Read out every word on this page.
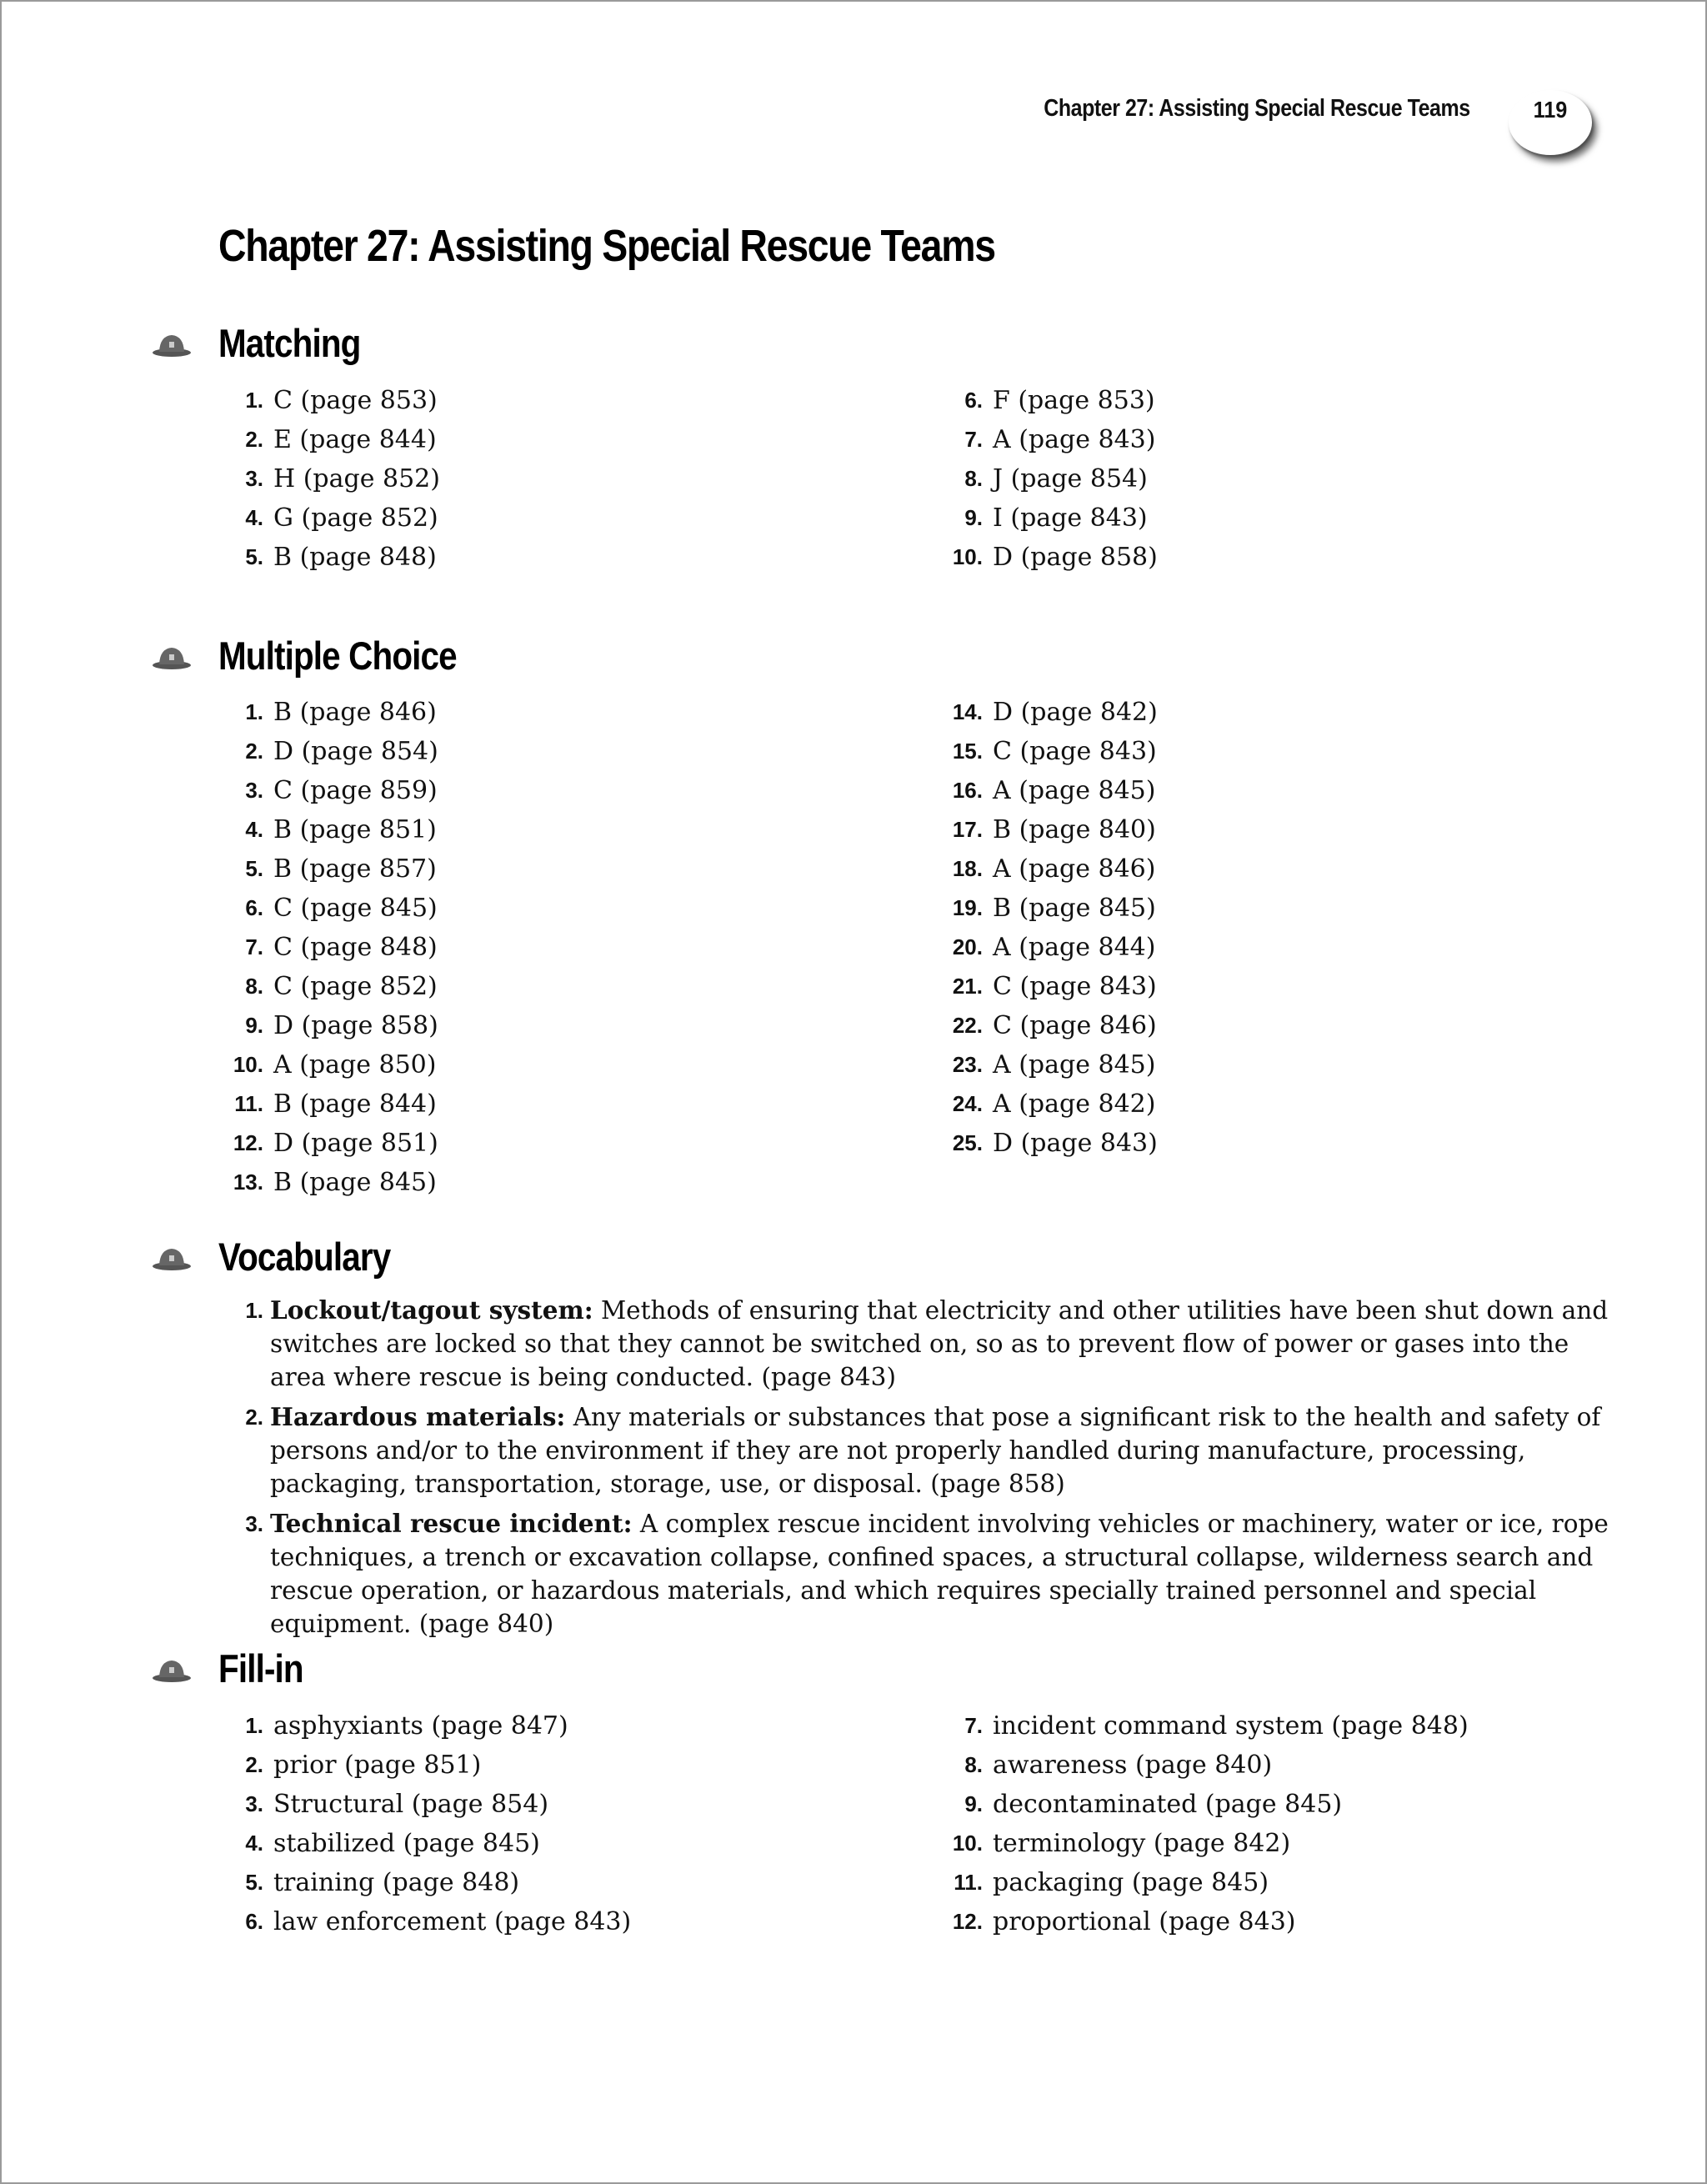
Chapter 27: Assisting Special Rescue Teams	119
Chapter 27: Assisting Special Rescue Teams
Matching
1. C (page 853)
2. E (page 844)
3. H (page 852)
4. G (page 852)
5. B (page 848)
6. F (page 853)
7. A (page 843)
8. J (page 854)
9. I (page 843)
10. D (page 858)
Multiple Choice
1. B (page 846)
2. D (page 854)
3. C (page 859)
4. B (page 851)
5. B (page 857)
6. C (page 845)
7. C (page 848)
8. C (page 852)
9. D (page 858)
10. A (page 850)
11. B (page 844)
12. D (page 851)
13. B (page 845)
14. D (page 842)
15. C (page 843)
16. A (page 845)
17. B (page 840)
18. A (page 846)
19. B (page 845)
20. A (page 844)
21. C (page 843)
22. C (page 846)
23. A (page 845)
24. A (page 842)
25. D (page 843)
Vocabulary
1. Lockout/tagout system: Methods of ensuring that electricity and other utilities have been shut down and switches are locked so that they cannot be switched on, so as to prevent flow of power or gases into the area where rescue is being conducted. (page 843)
2. Hazardous materials: Any materials or substances that pose a significant risk to the health and safety of persons and/or to the environment if they are not properly handled during manufacture, processing, packaging, transportation, storage, use, or disposal. (page 858)
3. Technical rescue incident: A complex rescue incident involving vehicles or machinery, water or ice, rope techniques, a trench or excavation collapse, confined spaces, a structural collapse, wilderness search and rescue operation, or hazardous materials, and which requires specially trained personnel and special equipment. (page 840)
Fill-in
1. asphyxiants (page 847)
2. prior (page 851)
3. Structural (page 854)
4. stabilized (page 845)
5. training (page 848)
6. law enforcement (page 843)
7. incident command system (page 848)
8. awareness (page 840)
9. decontaminated (page 845)
10. terminology (page 842)
11. packaging (page 845)
12. proportional (page 843)
